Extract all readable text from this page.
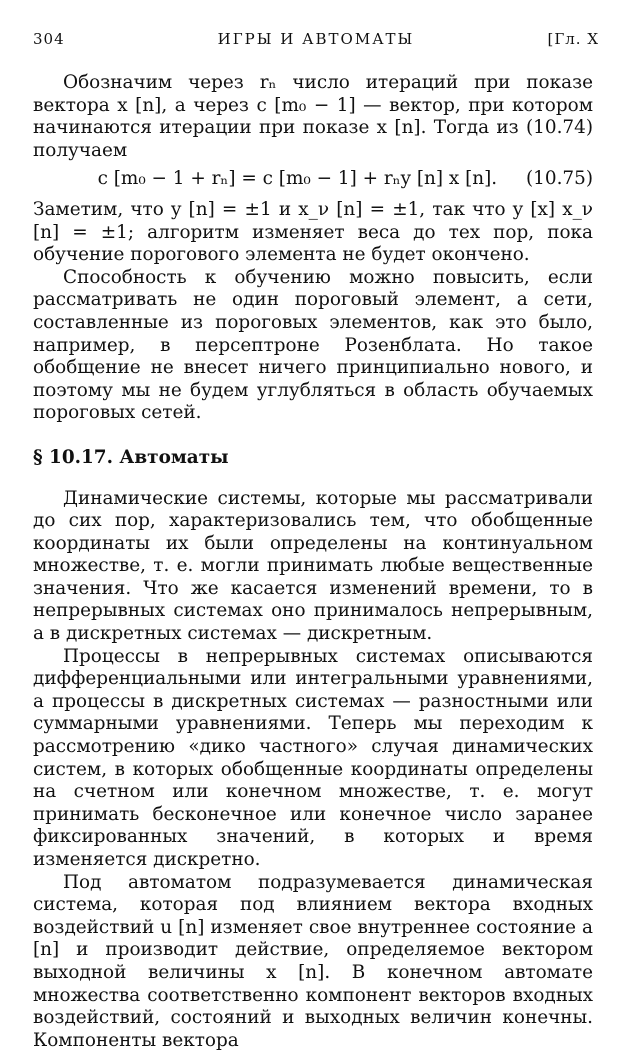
304	ИГРЫ И АВТОМАТЫ	[Гл. X

Обозначим через rₙ число итераций при показе вектора x [n], а через c [m₀ − 1] — вектор, при котором начинаются итерации при показе x [n]. Тогда из (10.74) получаем

c [m₀ − 1 + rₙ] = c [m₀ − 1] + rₙy [n] x [n]. (10.75)

Заметим, что y [n] = ±1 и x_ν [n] = ±1, так что y [x] x_ν [n] = ±1; алгоритм изменяет веса до тех пор, пока обучение порогового элемента не будет окончено.

Способность к обучению можно повысить, если рассматривать не один пороговый элемент, а сети, составленные из пороговых элементов, как это было, например, в персептроне Розенблата. Но такое обобщение не внесет ничего принципиально нового, и поэтому мы не будем углубляться в область обучаемых пороговых сетей.

§ 10.17. Автоматы

Динамические системы, которые мы рассматривали до сих пор, характеризовались тем, что обобщенные координаты их были определены на континуальном множестве, т. е. могли принимать любые вещественные значения. Что же касается изменений времени, то в непрерывных системах оно принималось непрерывным, а в дискретных системах — дискретным.

Процессы в непрерывных системах описываются дифференциальными или интегральными уравнениями, а процессы в дискретных системах — разностными или суммарными уравнениями. Теперь мы переходим к рассмотрению «дико частного» случая динамических систем, в которых обобщенные координаты определены на счетном или конечном множестве, т. е. могут принимать бесконечное или конечное число заранее фиксированных значений, в которых и время изменяется дискретно.

Под автоматом подразумевается динамическая система, которая под влиянием вектора входных воздействий u [n] изменяет свое внутреннее состояние a [n] и производит действие, определяемое вектором выходной величины x [n]. В конечном автомате множества соответственно компонент векторов входных воздействий, состояний и выходных величин конечны. Компоненты вектора
